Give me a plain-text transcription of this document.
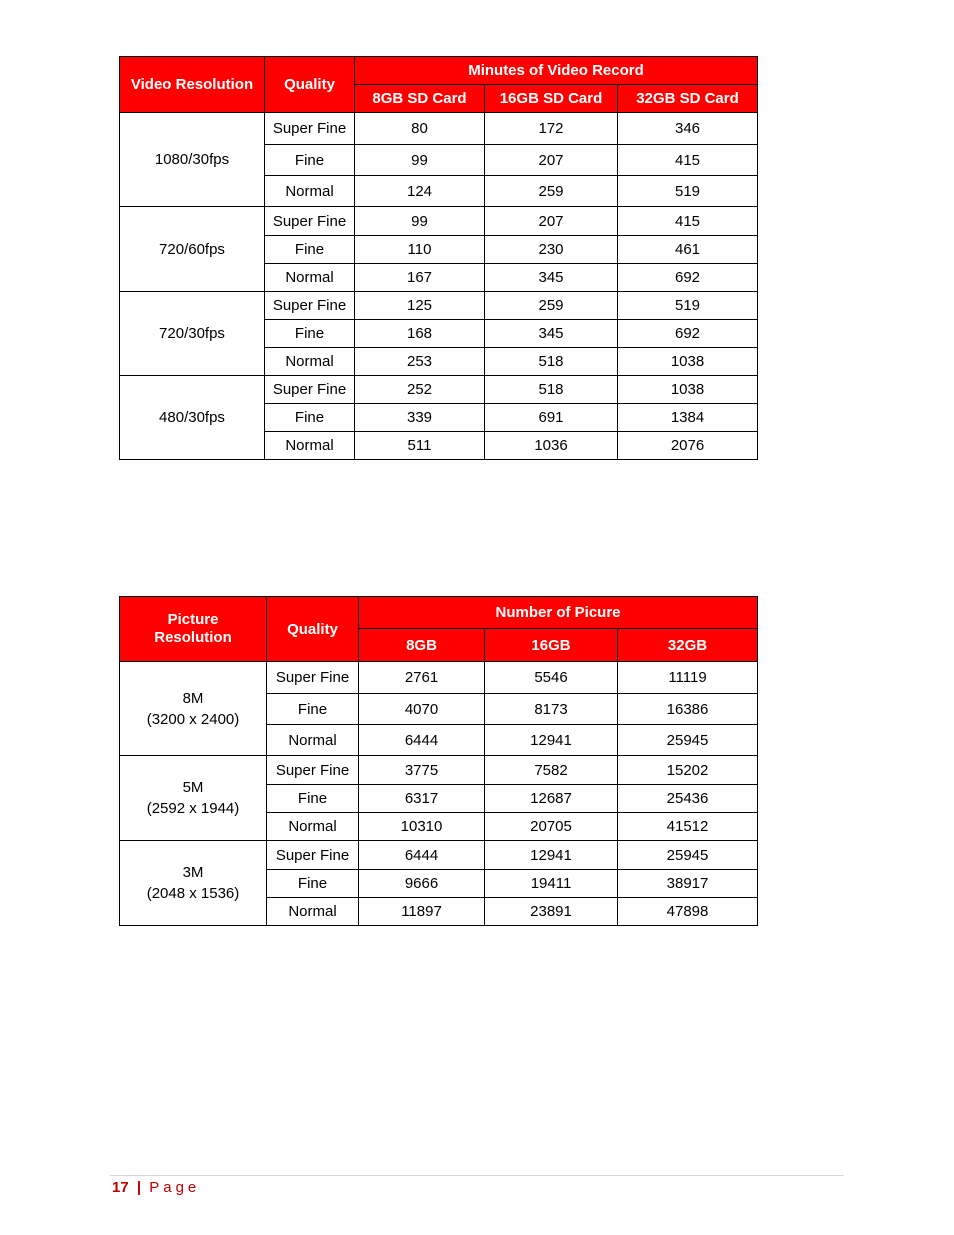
Video Resolution	Quality	Minutes of Video Record		
		8GB SD Card	16GB SD Card	32GB SD Card
1080/30fps	Super Fine	80	172	346
	Fine	99	207	415
	Normal	124	259	519
720/60fps	Super Fine	99	207	415
	Fine	110	230	461
	Normal	167	345	692
720/30fps	Super Fine	125	259	519
	Fine	168	345	692
	Normal	253	518	1038
480/30fps	Super Fine	252	518	1038
	Fine	339	691	1384
	Normal	511	1036	2076
Picture
Resolution	Quality	Number of Picure		
		8GB	16GB	32GB
8M
(3200 x 2400)	Super Fine	2761	5546	11119
	Fine	4070	8173	16386
	Normal	6444	12941	25945
5M
(2592 x 1944)	Super Fine	3775	7582	15202
	Fine	6317	12687	25436
	Normal	10310	20705	41512
3M
(2048 x 1536)	Super Fine	6444	12941	25945
	Fine	9666	19411	38917
	Normal	11897	23891	47898
17 | Page
